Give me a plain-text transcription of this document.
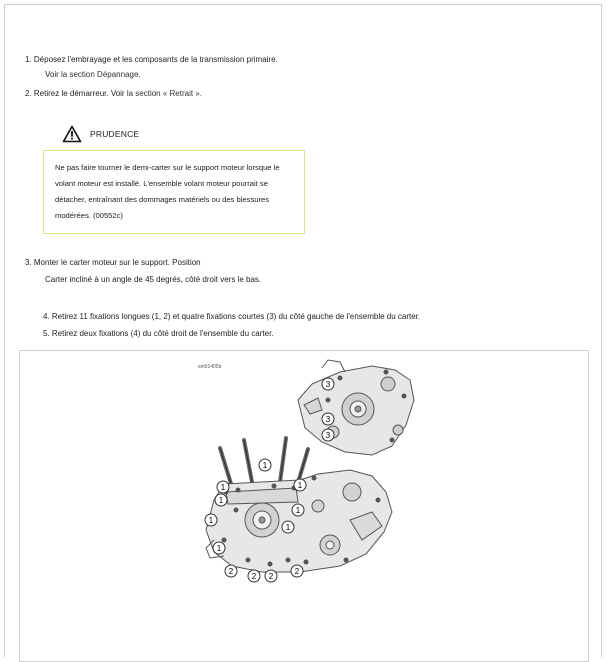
1. Déposez l'embrayage et les composants de la transmission primaire.
Voir la section Dépannage.
2. Retirez le démarreur. Voir la section « Retrait ».
PRUDENCE
Ne pas faire tourner le demi-carter sur le support moteur lorsque le
volant moteur est installé. L'ensemble volant moteur pourrait se
détacher, entraînant des dommages matériels ou des blessures
modérées. (00552c)
3. Monter le carter moteur sur le support. Position
Carter incliné à un angle de 45 degrés, côté droit vers le bas.
4. Retirez 11 fixations longues (1, 2) et quatre fixations courtes (3) du côté gauche de l'ensemble du carter.
5. Retirez deux fixations (4) du côté droit de l'ensemble du carter.
sm01405b
3
3
3
1
1	1
1
1
1
1
1
2
2 2
2
